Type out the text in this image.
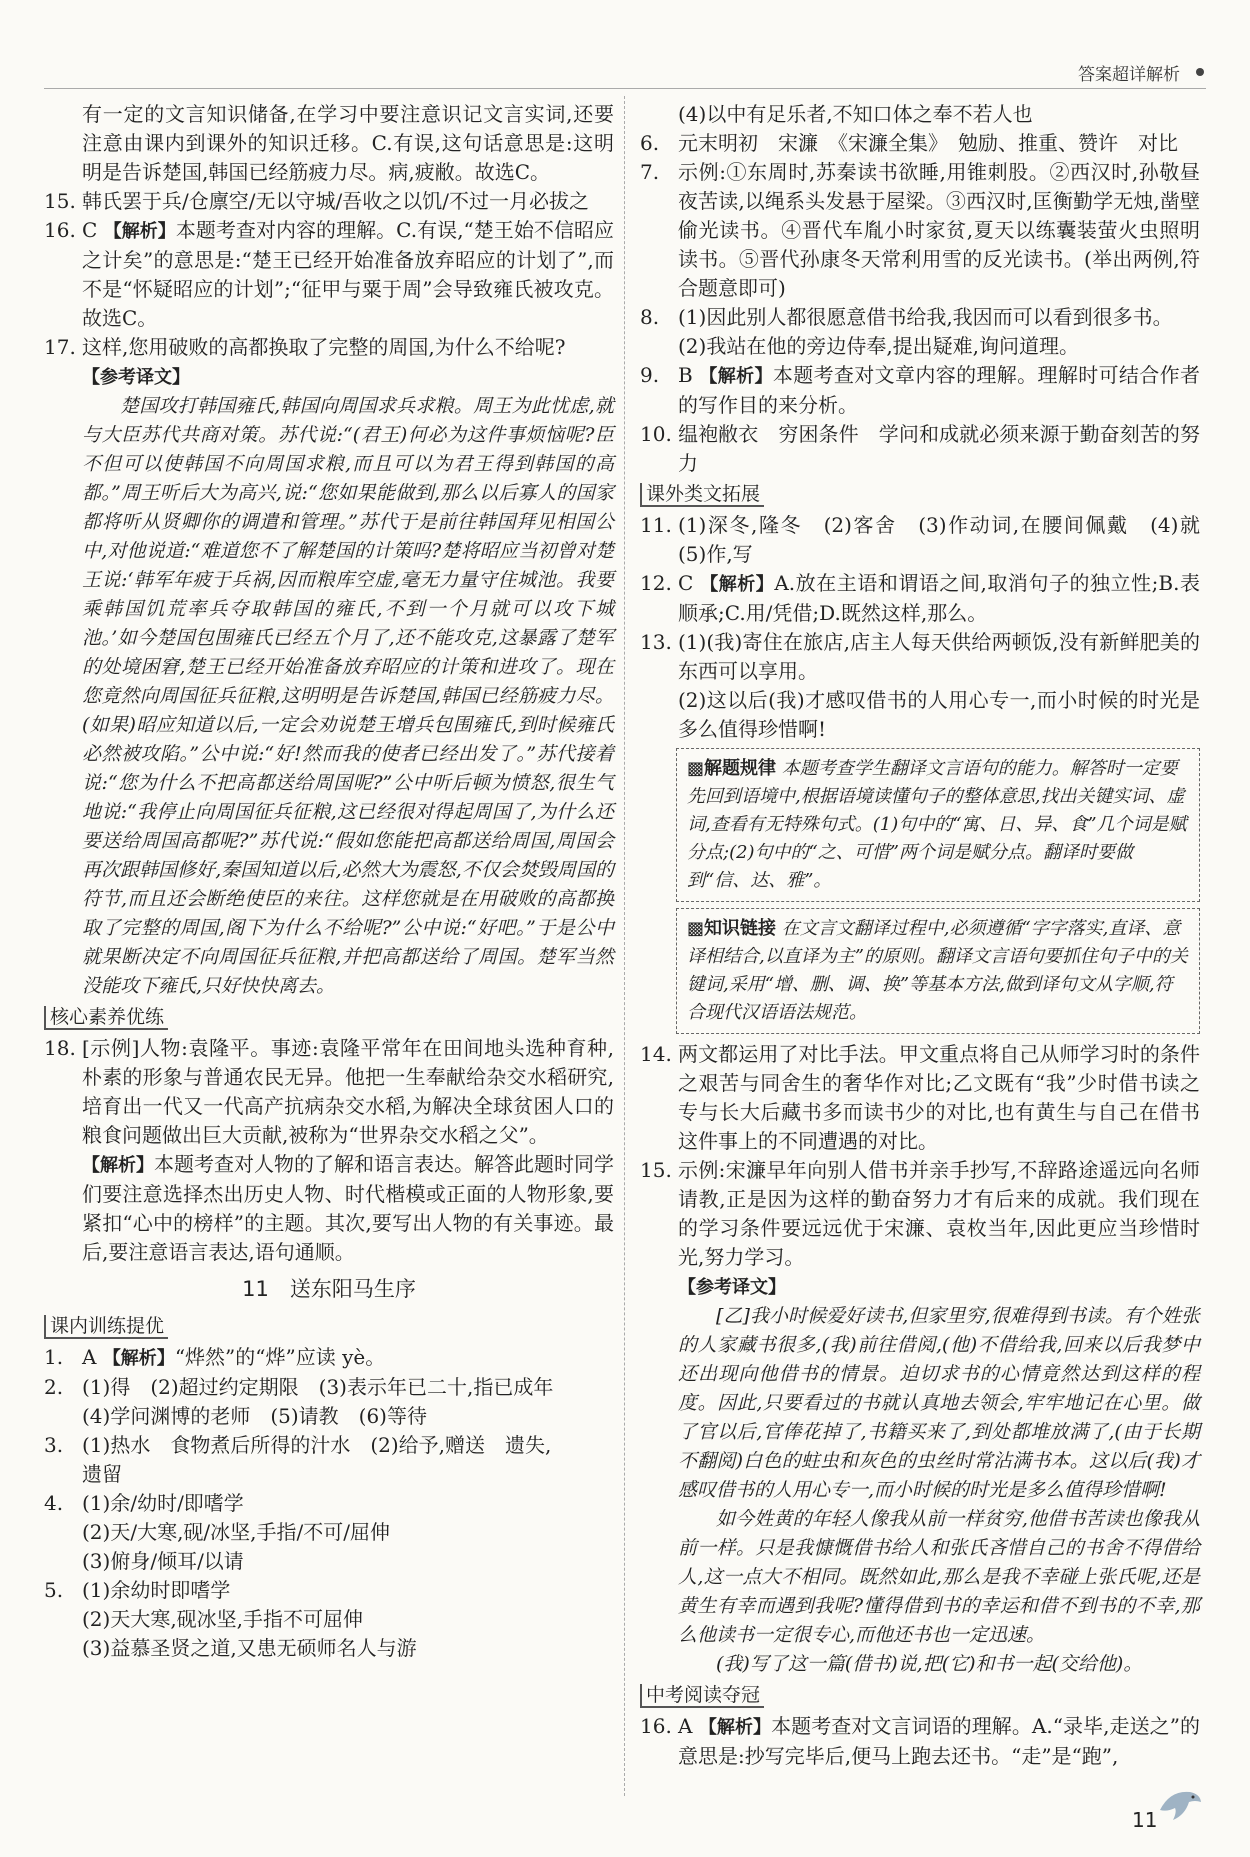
答案超详解析

有一定的文言知识储备,在学习中要注意识记文言实词,还要注意由课内到课外的知识迁移。C.有误,这句话意思是:这明明是告诉楚国,韩国已经筋疲力尽。病,疲敝。故选C。

15. 韩氏罢于兵/仓廪空/无以守城/吾收之以饥/不过一月必拔之
16. C 【解析】本题考查对内容的理解。C.有误,“楚王始不信昭应之计矣”的意思是:“楚王已经开始准备放弃昭应的计划了”,而不是“怀疑昭应的计划”;“征甲与粟于周”会导致雍氏被攻克。故选C。
17. 这样,您用破败的高都换取了完整的周国,为什么不给呢?
【参考译文】

楚国攻打韩国雍氏,韩国向周国求兵求粮。周王为此忧虑,就与大臣苏代共商对策。苏代说:“(君王)何必为这件事烦恼呢?臣不但可以使韩国不向周国求粮,而且可以为君王得到韩国的高都。”周王听后大为高兴,说:“您如果能做到,那么以后寡人的国家都将听从贤卿你的调遣和管理。”苏代于是前往韩国拜见相国公中,对他说道:“难道您不了解楚国的计策吗?楚将昭应当初曾对楚王说:‘韩军年疲于兵祸,因而粮库空虚,毫无力量守住城池。我要乘韩国饥荒率兵夺取韩国的雍氏,不到一个月就可以攻下城池。’如今楚国包围雍氏已经五个月了,还不能攻克,这暴露了楚军的处境困窘,楚王已经开始准备放弃昭应的计策和进攻了。现在您竟然向周国征兵征粮,这明明是告诉楚国,韩国已经筋疲力尽。(如果)昭应知道以后,一定会劝说楚王增兵包围雍氏,到时候雍氏必然被攻陷。”公中说:“好!然而我的使者已经出发了。”苏代接着说:“您为什么不把高都送给周国呢?”公中听后顿为愤怒,很生气地说:“我停止向周国征兵征粮,这已经很对得起周国了,为什么还要送给周国高都呢?”苏代说:“假如您能把高都送给周国,周国会再次跟韩国修好,秦国知道以后,必然大为震怒,不仅会焚毁周国的符节,而且还会断绝使臣的来往。这样您就是在用破败的高都换取了完整的周国,阁下为什么不给呢?”公中说:“好吧。”于是公中就果断决定不向周国征兵征粮,并把高都送给了周国。楚军当然没能攻下雍氏,只好快快离去。

核心素养优练
18. [示例]人物:袁隆平。事迹:袁隆平常年在田间地头选种育种,朴素的形象与普通农民无异。他把一生奉献给杂交水稻研究,培育出一代又一代高产抗病杂交水稻,为解决全球贫困人口的粮食问题做出巨大贡献,被称为“世界杂交水稻之父”。
【解析】本题考查对人物的了解和语言表达。解答此题时同学们要注意选择杰出历史人物、时代楷模或正面的人物形象,要紧扣“心中的榜样”的主题。其次,要写出人物的有关事迹。最后,要注意语言表达,语句通顺。
11　送东阳马生序
课内训练提优
1. A 【解析】“烨然”的“烨”应读 yè。
2. (1)得　(2)超过约定期限　(3)表示年已二十,指已成年
(4)学问渊博的老师　(5)请教　(6)等待
3. (1)热水　食物煮后所得的汁水　(2)给予,赠送　遗失,
遗留
4. (1)余/幼时/即嗜学
(2)天/大寒,砚/冰坚,手指/不可/屈伸
(3)俯身/倾耳/以请
5. (1)余幼时即嗜学
(2)天大寒,砚冰坚,手指不可屈伸
(3)益慕圣贤之道,又患无硕师名人与游

(4)以中有足乐者,不知口体之奉不若人也

6. 元末明初　宋濂　《宋濂全集》　勉励、推重、赞许　对比
7. 示例:①东周时,苏秦读书欲睡,用锥刺股。②西汉时,孙敬昼夜苦读,以绳系头发悬于屋梁。③西汉时,匡衡勤学无烛,凿壁偷光读书。④晋代车胤小时家贫,夏天以练囊装萤火虫照明读书。⑤晋代孙康冬天常利用雪的反光读书。(举出两例,符合题意即可)
8. (1)因此别人都很愿意借书给我,我因而可以看到很多书。
(2)我站在他的旁边侍奉,提出疑难,询问道理。
9. B 【解析】本题考查对文章内容的理解。理解时可结合作者的写作目的来分析。
10. 缊袍敝衣　穷困条件　学问和成就必须来源于勤奋刻苦的努力
课外类文拓展
11. (1)深冬,隆冬　(2)客舍　(3)作动词,在腰间佩戴　(4)就　(5)作,写
12. C 【解析】A.放在主语和谓语之间,取消句子的独立性;B.表顺承;C.用/凭借;D.既然这样,那么。
13. (1)(我)寄住在旅店,店主人每天供给两顿饭,没有新鲜肥美的东西可以享用。
(2)这以后(我)才感叹借书的人用心专一,而小时候的时光是多么值得珍惜啊!
▩解题规律 本题考查学生翻译文言语句的能力。解答时一定要先回到语境中,根据语境读懂句子的整体意思,找出关键实词、虚词,查看有无特殊句式。(1)句中的“寓、日、异、食”几个词是赋分点;(2)句中的“之、可惜”两个词是赋分点。翻译时要做到“信、达、雅”。
▩知识链接 在文言文翻译过程中,必须遵循“字字落实,直译、意译相结合,以直译为主”的原则。翻译文言语句要抓住句子中的关键词,采用“增、删、调、换”等基本方法,做到译句文从字顺,符合现代汉语语法规范。
14. 两文都运用了对比手法。甲文重点将自己从师学习时的条件之艰苦与同舍生的奢华作对比;乙文既有“我”少时借书读之专与长大后藏书多而读书少的对比,也有黄生与自己在借书这件事上的不同遭遇的对比。
15. 示例:宋濂早年向别人借书并亲手抄写,不辞路途遥远向名师请教,正是因为这样的勤奋努力才有后来的成就。我们现在的学习条件要远远优于宋濂、袁枚当年,因此更应当珍惜时光,努力学习。
【参考译文】

[乙]我小时候爱好读书,但家里穷,很难得到书读。有个姓张的人家藏书很多,(我)前往借阅,(他)不借给我,回来以后我梦中还出现向他借书的情景。迫切求书的心情竟然达到这样的程度。因此,只要看过的书就认真地去领会,牢牢地记在心里。做了官以后,官俸花掉了,书籍买来了,到处都堆放满了,(由于长期不翻阅)白色的蛀虫和灰色的虫丝时常沾满书本。这以后(我)才感叹借书的人用心专一,而小时候的时光是多么值得珍惜啊!

如今姓黄的年轻人像我从前一样贫穷,他借书苦读也像我从前一样。只是我慷慨借书给人和张氏吝惜自己的书舍不得借给人,这一点大不相同。既然如此,那么是我不幸碰上张氏呢,还是黄生有幸而遇到我呢?懂得借到书的幸运和借不到书的不幸,那么他读书一定很专心,而他还书也一定迅速。

(我)写了这一篇(借书)说,把(它)和书一起(交给他)。

中考阅读夺冠
16. A 【解析】本题考查对文言词语的理解。A.“录毕,走送之”的意思是:抄写完毕后,便马上跑去还书。“走”是“跑”,
11
